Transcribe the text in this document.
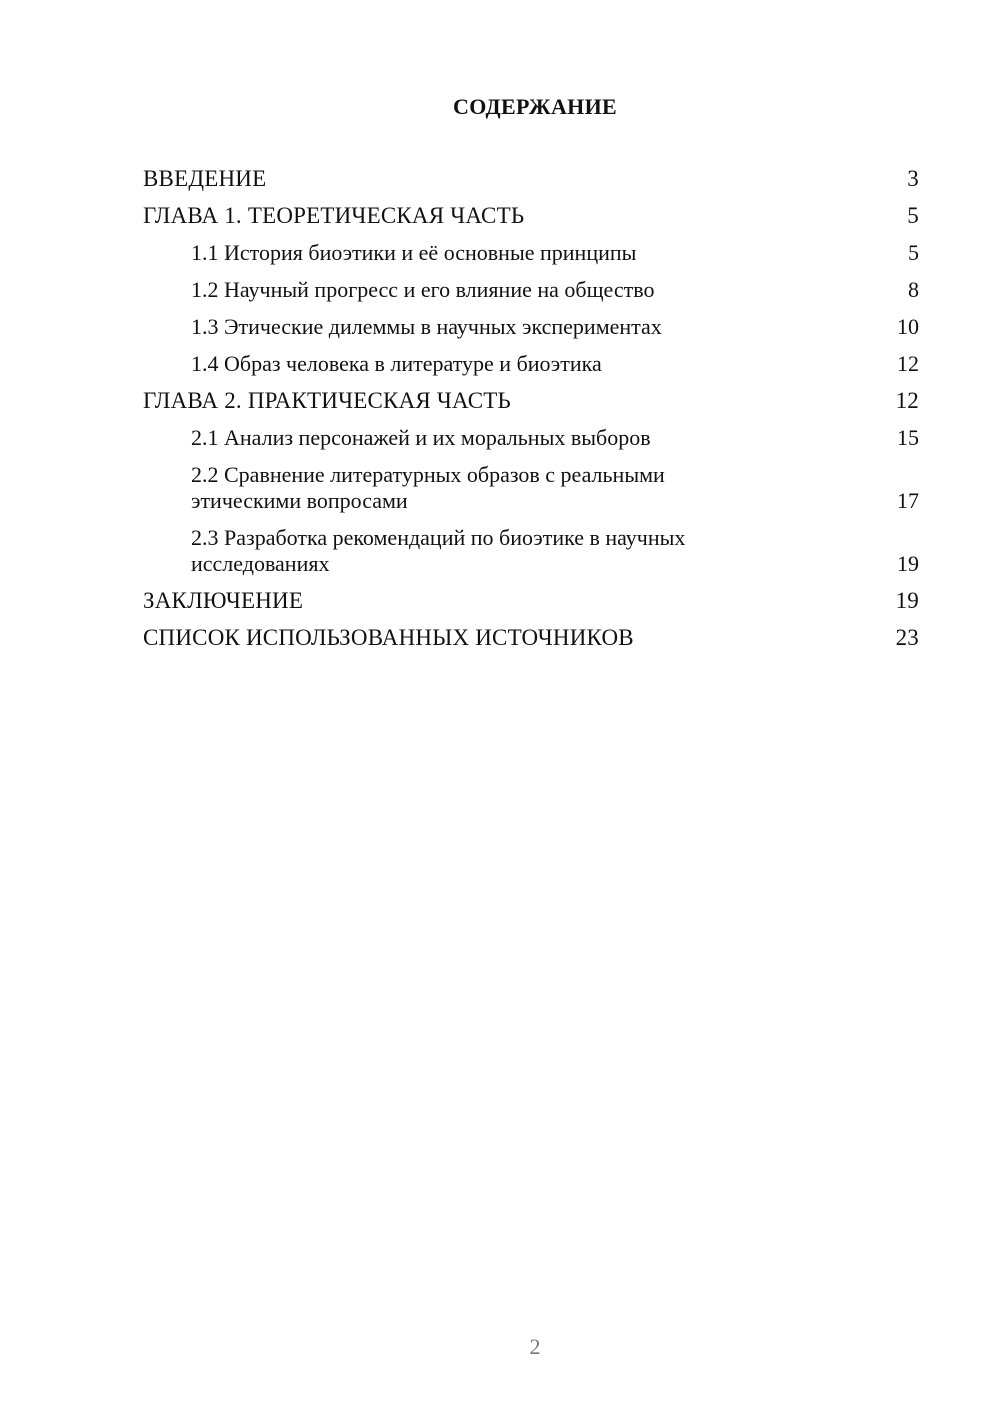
СОДЕРЖАНИЕ
ВВЕДЕНИЕ	3
ГЛАВА 1. ТЕОРЕТИЧЕСКАЯ ЧАСТЬ	5
1.1 История биоэтики и её основные принципы	5
1.2 Научный прогресс и его влияние на общество	8
1.3 Этические дилеммы в научных экспериментах	10
1.4 Образ человека в литературе и биоэтика	12
ГЛАВА 2. ПРАКТИЧЕСКАЯ ЧАСТЬ	12
2.1 Анализ персонажей и их моральных выборов	15
2.2 Сравнение литературных образов с реальными этическими вопросами	17
2.3 Разработка рекомендаций по биоэтике в научных исследованиях	19
ЗАКЛЮЧЕНИЕ	19
СПИСОК ИСПОЛЬЗОВАННЫХ ИСТОЧНИКОВ	23
2
